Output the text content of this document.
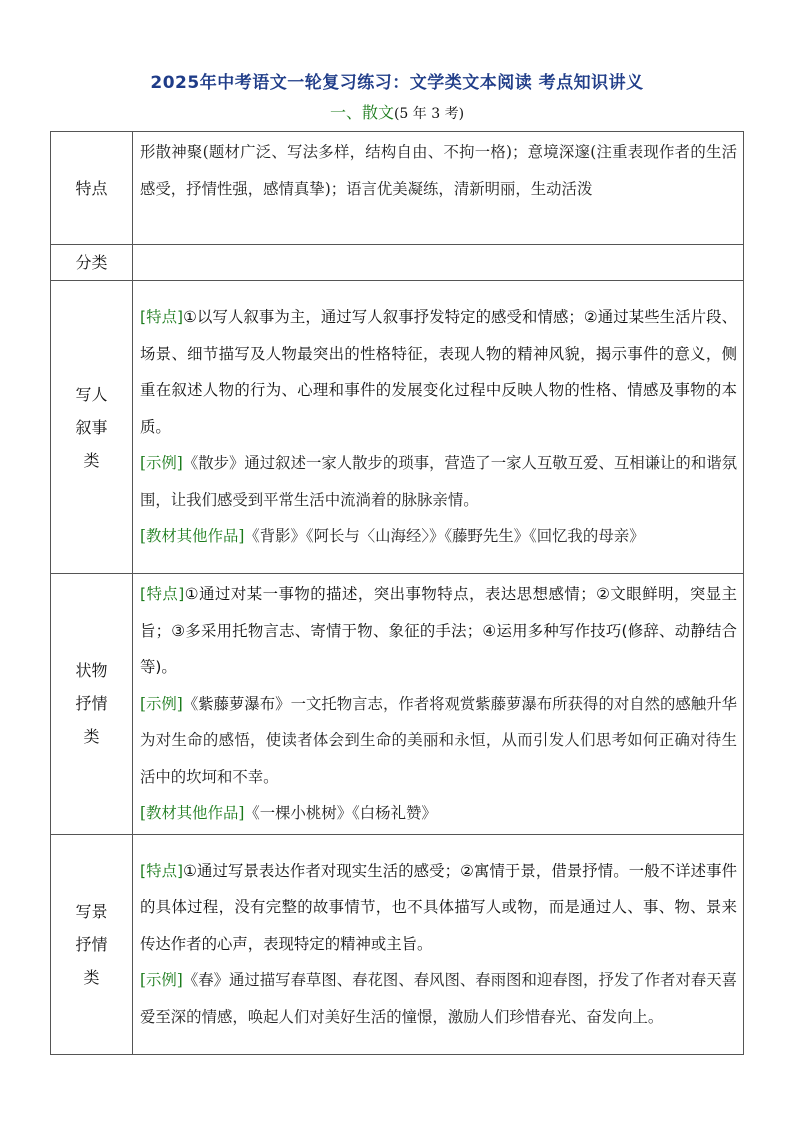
2025年中考语文一轮复习练习：文学类文本阅读 考点知识讲义
一、散文(5 年 3 考)
特点	形散神聚(题材广泛、写法多样，结构自由、不拘一格)；意境深邃(注重表现作者的生活感受，抒情性强，感情真挚)；语言优美凝练，清新明丽，生动活泼
分类	

写人叙事类	[特点]①以写人叙事为主，通过写人叙事抒发特定的感受和情感；②通过某些生活片段、场景、细节描写及人物最突出的性格特征，表现人物的精神风貌，揭示事件的意义，侧重在叙述人物的行为、心理和事件的发展变化过程中反映人物的性格、情感及事物的本质。

[示例]《散步》通过叙述一家人散步的琐事，营造了一家人互敬互爱、互相谦让的和谐氛围，让我们感受到平常生活中流淌着的脉脉亲情。

[教材其他作品]《背影》《阿长与〈山海经〉》《藤野先生》《回忆我的母亲》

状物抒情类	[特点]①通过对某一事物的描述，突出事物特点，表达思想感情；②文眼鲜明，突显主旨；③多采用托物言志、寄情于物、象征的手法；④运用多种写作技巧(修辞、动静结合等)。

[示例]《紫藤萝瀑布》一文托物言志，作者将观赏紫藤萝瀑布所获得的对自然的感触升华为对生命的感悟，使读者体会到生命的美丽和永恒，从而引发人们思考如何正确对待生活中的坎坷和不幸。

[教材其他作品]《一棵小桃树》《白杨礼赞》

写景抒情类	[特点]①通过写景表达作者对现实生活的感受；②寓情于景，借景抒情。一般不详述事件的具体过程，没有完整的故事情节，也不具体描写人或物，而是通过人、事、物、景来传达作者的心声，表现特定的精神或主旨。

[示例]《春》通过描写春草图、春花图、春风图、春雨图和迎春图，抒发了作者对春天喜爱至深的情感，唤起人们对美好生活的憧憬，激励人们珍惜春光、奋发向上。
